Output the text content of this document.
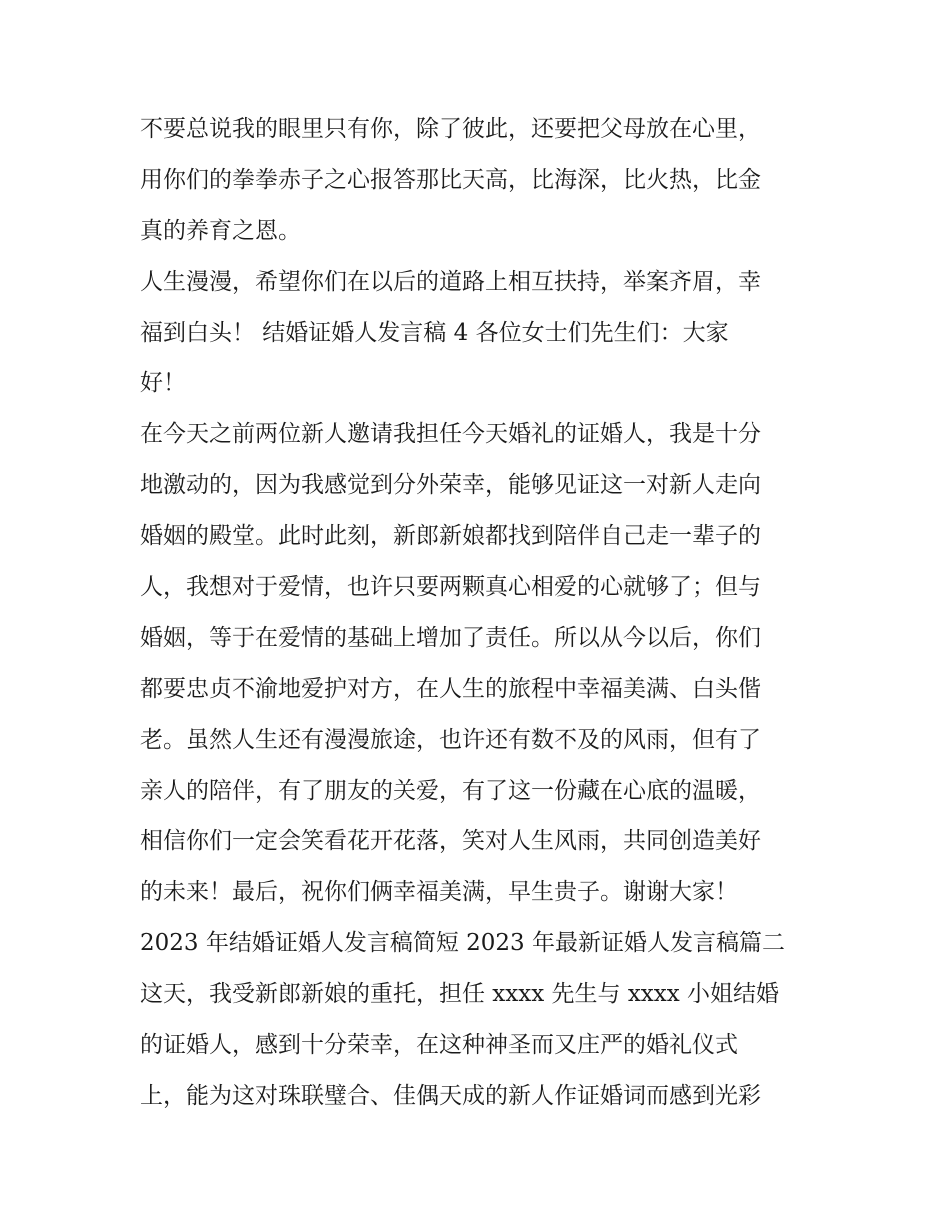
不要总说我的眼里只有你，除了彼此，还要把父母放在心里，
用你们的拳拳赤子之心报答那比天高，比海深，比火热，比金
真的养育之恩。
人生漫漫，希望你们在以后的道路上相互扶持，举案齐眉，幸
福到白头！ 结婚证婚人发言稿 4 各位女士们先生们：大家
好！
在今天之前两位新人邀请我担任今天婚礼的证婚人，我是十分
地激动的，因为我感觉到分外荣幸，能够见证这一对新人走向
婚姻的殿堂。此时此刻，新郎新娘都找到陪伴自己走一辈子的
人，我想对于爱情，也许只要两颗真心相爱的心就够了；但与
婚姻，等于在爱情的基础上增加了责任。所以从今以后，你们
都要忠贞不渝地爱护对方，在人生的旅程中幸福美满、白头偕
老。虽然人生还有漫漫旅途，也许还有数不及的风雨，但有了
亲人的陪伴，有了朋友的关爱，有了这一份藏在心底的温暖，
相信你们一定会笑看花开花落，笑对人生风雨，共同创造美好
的未来！最后，祝你们俩幸福美满，早生贵子。谢谢大家！
2023 年结婚证婚人发言稿简短 2023 年最新证婚人发言稿篇二
这天，我受新郎新娘的重托，担任 xxxx 先生与 xxxx 小姐结婚
的证婚人，感到十分荣幸，在这种神圣而又庄严的婚礼仪式
上，能为这对珠联璧合、佳偶天成的新人作证婚词而感到光彩
